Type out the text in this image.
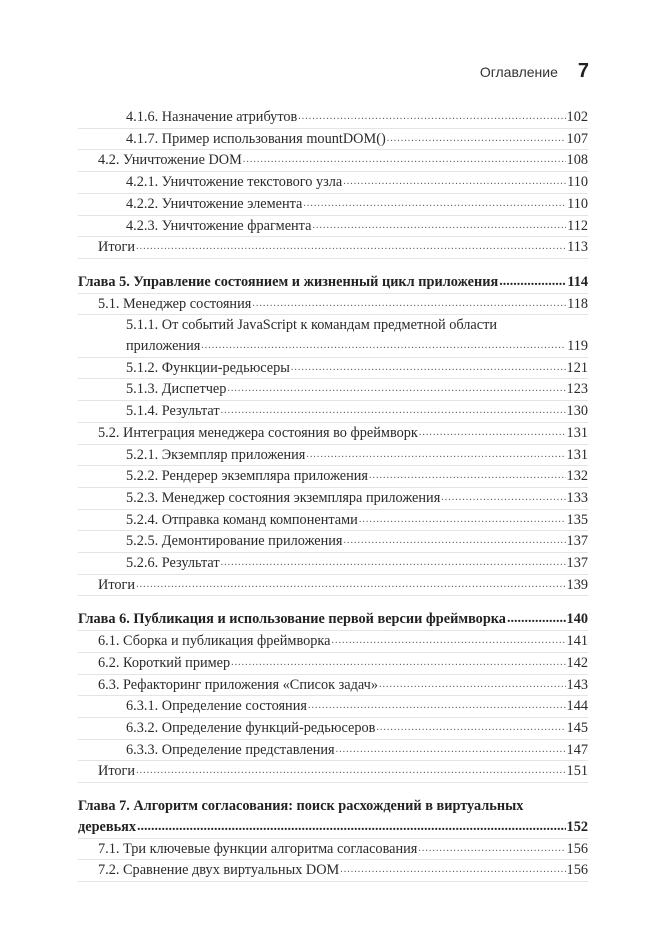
Оглавление 7
4.1.6. Назначение атрибутов .....	102
4.1.7. Пример использования mountDOM() .....	107
4.2. Уничтожение DOM .....	108
4.2.1. Уничтожение текстового узла .....	110
4.2.2. Уничтожение элемента .....	110
4.2.3. Уничтожение фрагмента .....	112
Итоги .....	113
Глава 5. Управление состоянием и жизненный цикл приложения .....	114
5.1. Менеджер состояния .....	118
5.1.1. От событий JavaScript к командам предметной области
приложения .....	119
5.1.2. Функции-редьюсеры .....	121
5.1.3. Диспетчер .....	123
5.1.4. Результат .....	130
5.2. Интеграция менеджера состояния во фреймворк .....	131
5.2.1. Экземпляр приложения .....	131
5.2.2. Рендерер экземпляра приложения .....	132
5.2.3. Менеджер состояния экземпляра приложения .....	133
5.2.4. Отправка команд компонентами .....	135
5.2.5. Демонтирование приложения .....	137
5.2.6. Результат .....	137
Итоги .....	139
Глава 6. Публикация и использование первой версии фреймворка .....	140
6.1. Сборка и публикация фреймворка .....	141
6.2. Короткий пример .....	142
6.3. Рефакторинг приложения «Список задач» .....	143
6.3.1. Определение состояния .....	144
6.3.2. Определение функций-редьюсеров .....	145
6.3.3. Определение представления .....	147
Итоги .....	151
Глава 7. Алгоритм согласования: поиск расхождений в виртуальных
деревьях .....	152
7.1. Три ключевые функции алгоритма согласования .....	156
7.2. Сравнение двух виртуальных DOM .....	156
